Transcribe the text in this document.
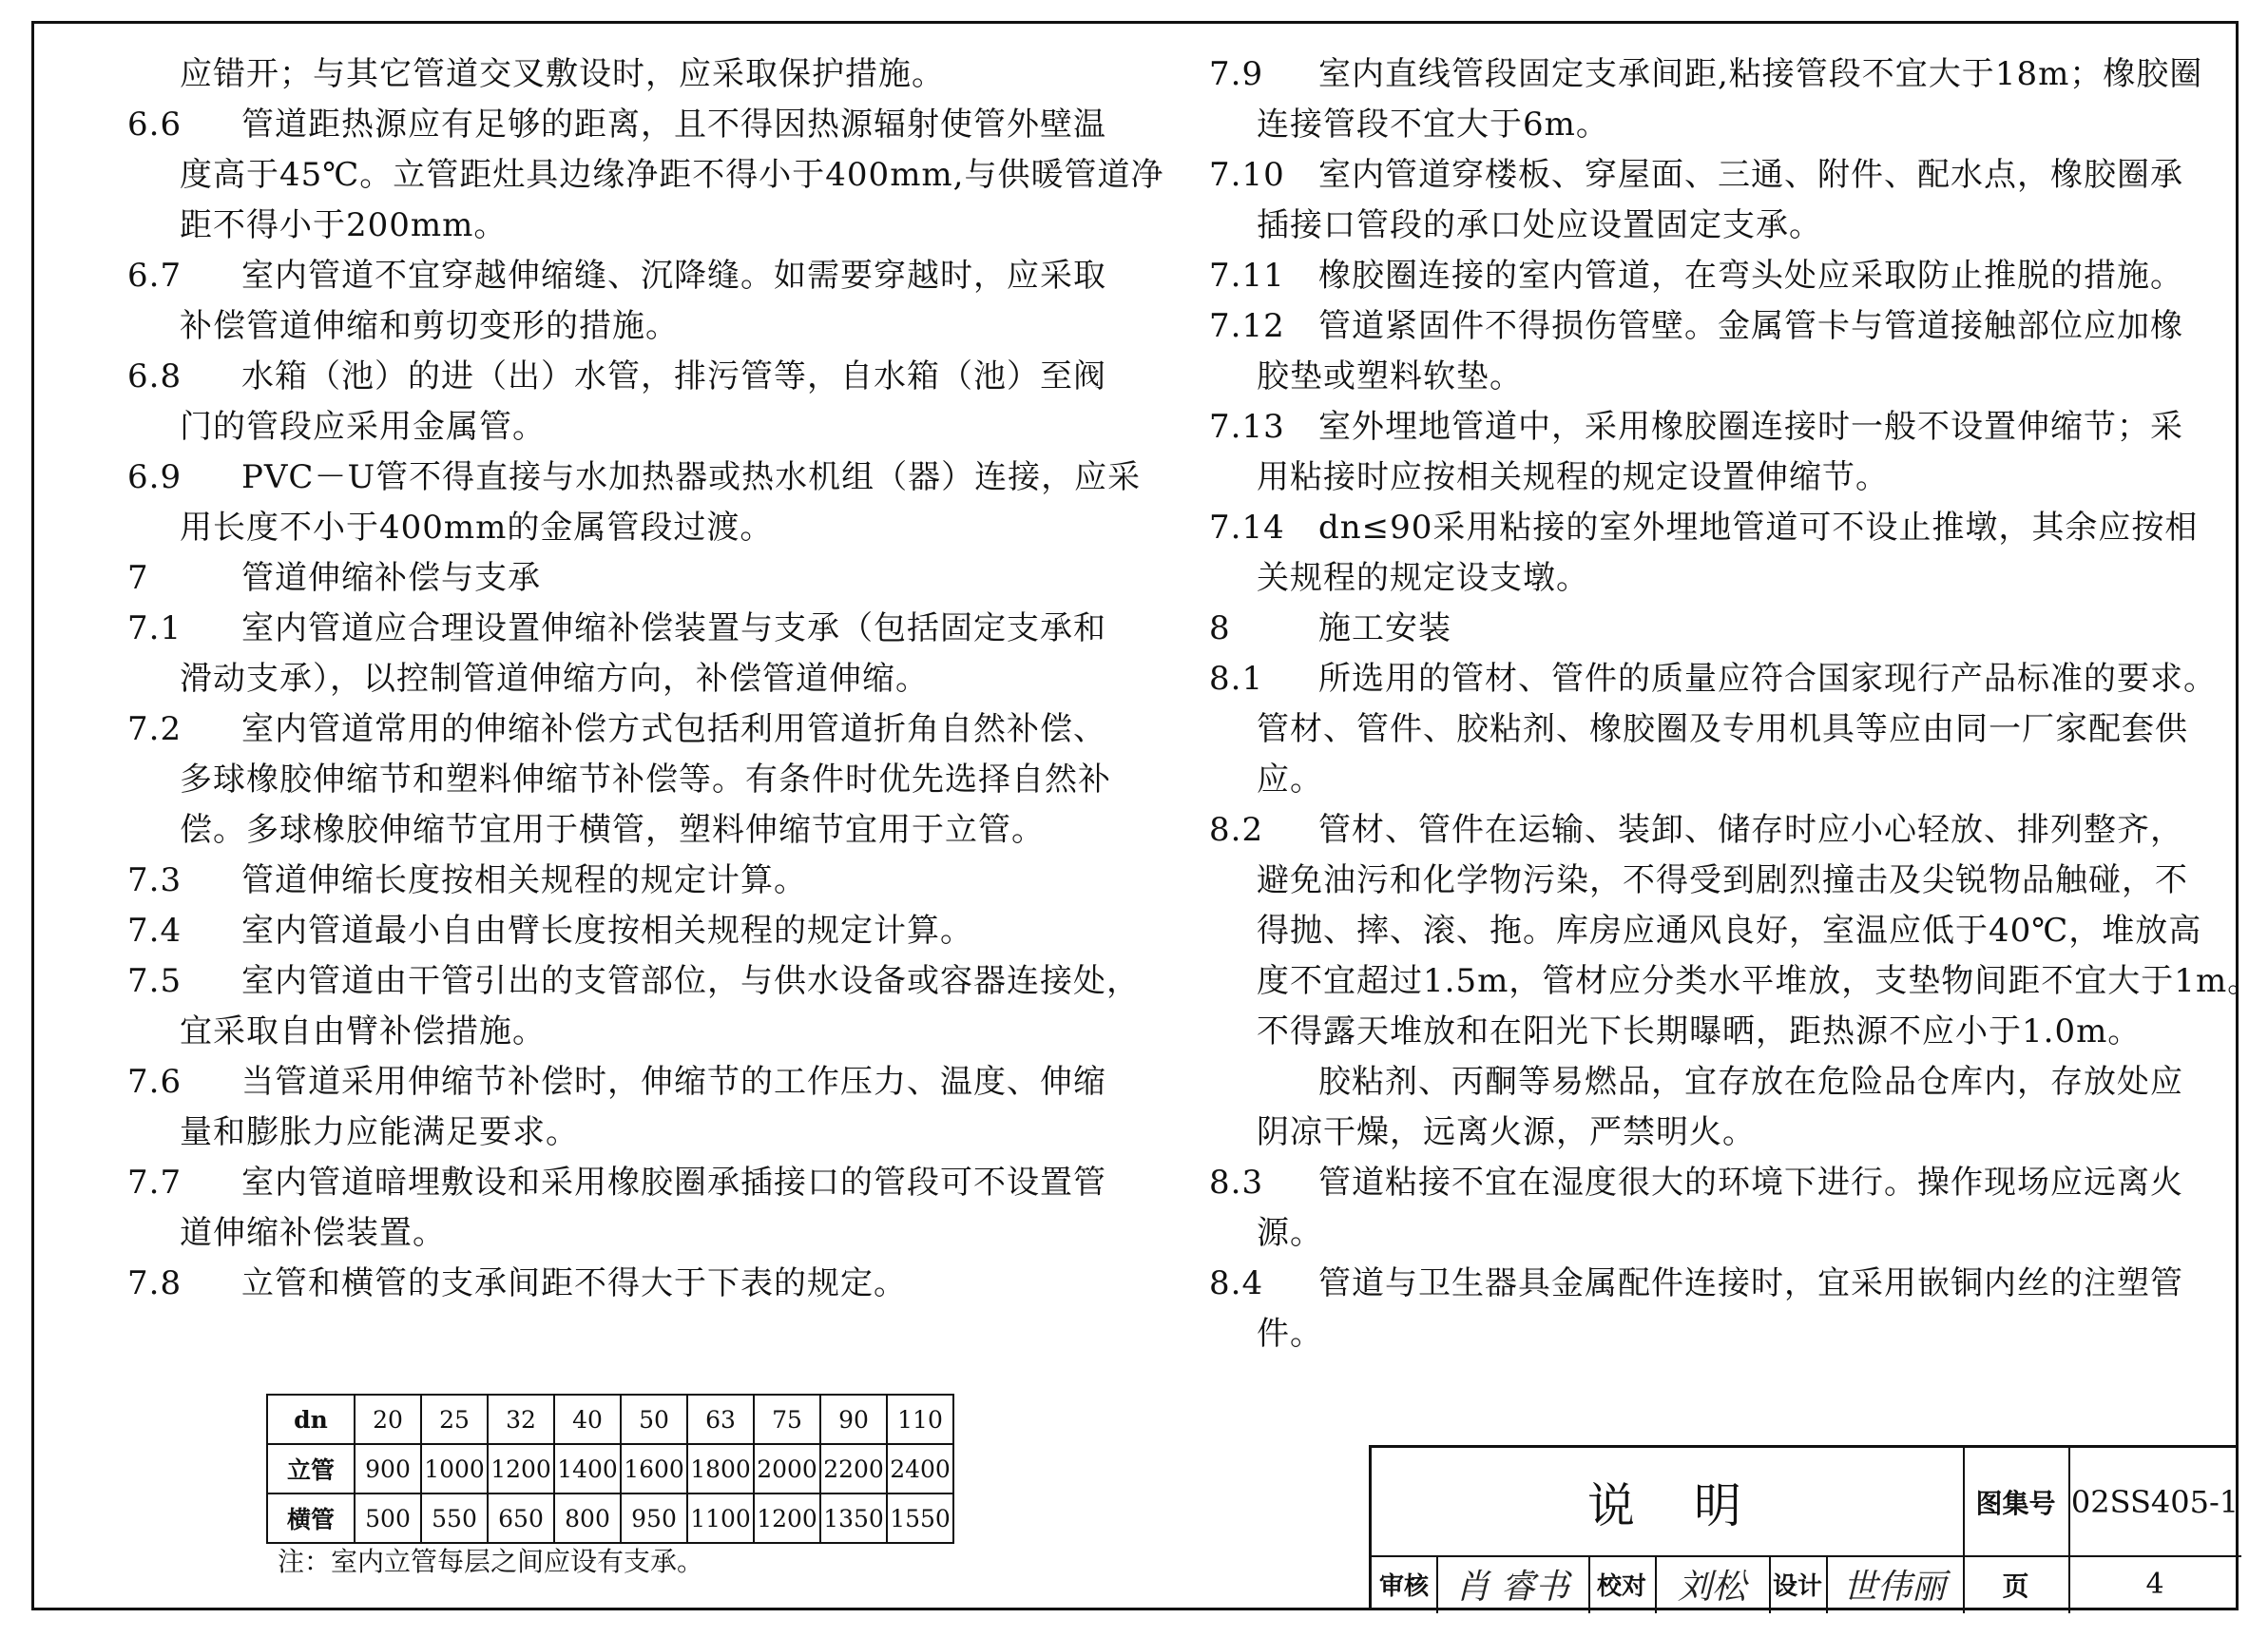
应错开；与其它管道交叉敷设时，应采取保护措施。
6.6 管道距热源应有足够的距离，且不得因热源辐射使管外壁温
度高于45℃。立管距灶具边缘净距不得小于400mm,与供暖管道净
距不得小于200mm。
6.7 室内管道不宜穿越伸缩缝、沉降缝。如需要穿越时，应采取
补偿管道伸缩和剪切变形的措施。
6.8 水箱（池）的进（出）水管，排污管等，自水箱（池）至阀
门的管段应采用金属管。
6.9 PVC－U管不得直接与水加热器或热水机组（器）连接，应采
用长度不小于400mm的金属管段过渡。
7	管道伸缩补偿与支承
7.1 室内管道应合理设置伸缩补偿装置与支承（包括固定支承和
滑动支承），以控制管道伸缩方向，补偿管道伸缩。
7.2 室内管道常用的伸缩补偿方式包括利用管道折角自然补偿、
多球橡胶伸缩节和塑料伸缩节补偿等。有条件时优先选择自然补
偿。多球橡胶伸缩节宜用于横管，塑料伸缩节宜用于立管。
7.3 管道伸缩长度按相关规程的规定计算。
7.4 室内管道最小自由臂长度按相关规程的规定计算。
7.5 室内管道由干管引出的支管部位，与供水设备或容器连接处，
宜采取自由臂补偿措施。
7.6 当管道采用伸缩节补偿时，伸缩节的工作压力、温度、伸缩
量和膨胀力应能满足要求。
7.7 室内管道暗埋敷设和采用橡胶圈承插接口的管段可不设置管
道伸缩补偿装置。
7.8 立管和横管的支承间距不得大于下表的规定。
7.9 室内直线管段固定支承间距,粘接管段不宜大于18m；橡胶圈
连接管段不宜大于6m。
7.10 室内管道穿楼板、穿屋面、三通、附件、配水点，橡胶圈承
插接口管段的承口处应设置固定支承。
7.11 橡胶圈连接的室内管道，在弯头处应采取防止推脱的措施。
7.12 管道紧固件不得损伤管壁。金属管卡与管道接触部位应加橡
胶垫或塑料软垫。
7.13 室外埋地管道中，采用橡胶圈连接时一般不设置伸缩节；采
用粘接时应按相关规程的规定设置伸缩节。
7.14 dn≤90采用粘接的室外埋地管道可不设止推墩，其余应按相
关规程的规定设支墩。
8	施工安装
8.1 所选用的管材、管件的质量应符合国家现行产品标准的要求。
管材、管件、胶粘剂、橡胶圈及专用机具等应由同一厂家配套供
应。
8.2 管材、管件在运输、装卸、储存时应小心轻放、排列整齐，
避免油污和化学物污染，不得受到剧烈撞击及尖锐物品触碰，不
得抛、摔、滚、拖。库房应通风良好，室温应低于40℃，堆放高
度不宜超过1.5m，管材应分类水平堆放，支垫物间距不宜大于1m。
不得露天堆放和在阳光下长期曝晒，距热源不应小于1.0m。
胶粘剂、丙酮等易燃品，宜存放在危险品仓库内，存放处应
阴凉干燥，远离火源，严禁明火。
8.3 管道粘接不宜在湿度很大的环境下进行。操作现场应远离火
源。
8.4 管道与卫生器具金属配件连接时，宜采用嵌铜内丝的注塑管
件。
dn	20	25	32	40	50	63	75	90	110
立管	900	1000	1200	1400	1600	1800	2000	2200	2400
横管	500	550	650	800	950	1100	1200	1350	1550
注：室内立管每层之间应设有支承。
说　明	图集号 02SS405-1
审核 肖 睿书	校对 刘松	设计 世伟丽	页	4
